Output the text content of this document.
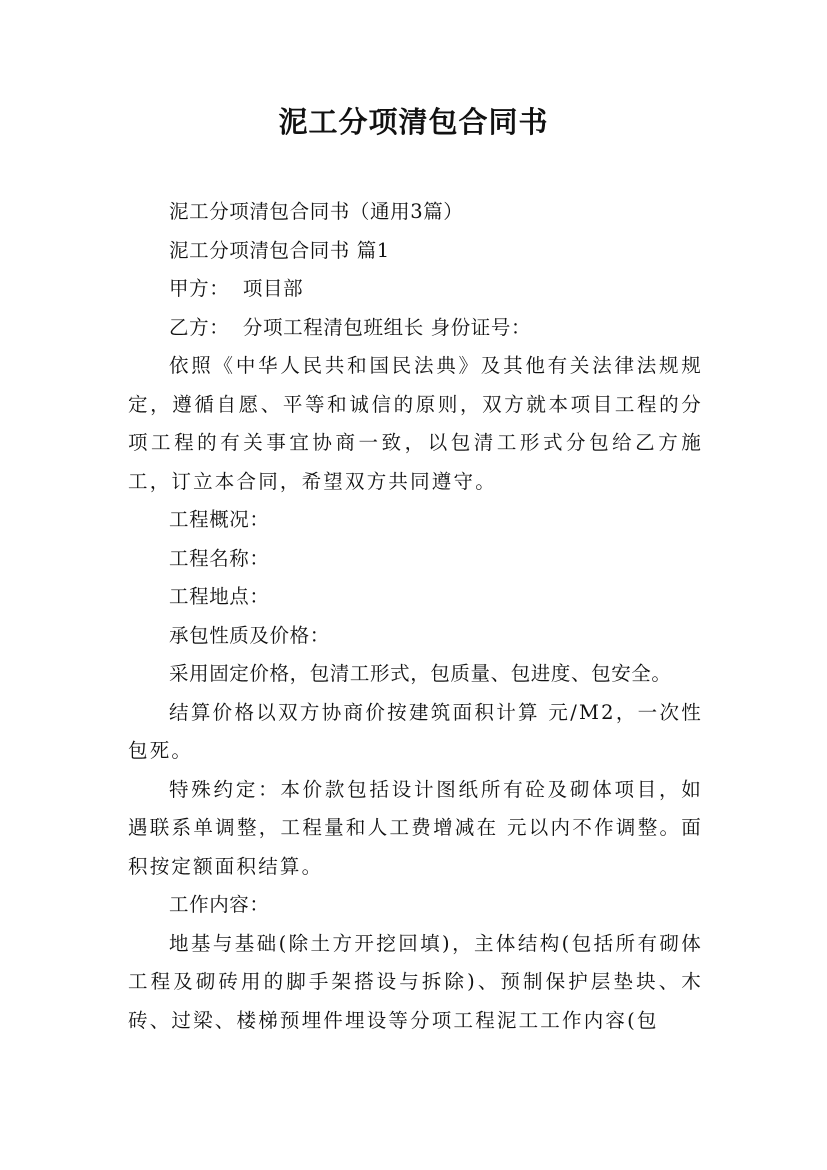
泥工分项清包合同书

泥工分项清包合同书（通用3篇）

泥工分项清包合同书 篇1

甲方：  项目部

乙方：  分项工程清包班组长 身份证号：

依照《中华人民共和国民法典》及其他有关法律法规规定，遵循自愿、平等和诚信的原则，双方就本项目工程的分项工程的有关事宜协商一致，以包清工形式分包给乙方施工，订立本合同，希望双方共同遵守。

工程概况：

工程名称：

工程地点：

承包性质及价格：

采用固定价格，包清工形式，包质量、包进度、包安全。

结算价格以双方协商价按建筑面积计算 元/M2，一次性包死。

特殊约定：本价款包括设计图纸所有砼及砌体项目，如遇联系单调整，工程量和人工费增减在 元以内不作调整。面积按定额面积结算。

工作内容：

地基与基础(除土方开挖回填)，主体结构(包括所有砌体工程及砌砖用的脚手架搭设与拆除)、预制保护层垫块、木砖、过梁、楼梯预埋件埋设等分项工程泥工工作内容(包
